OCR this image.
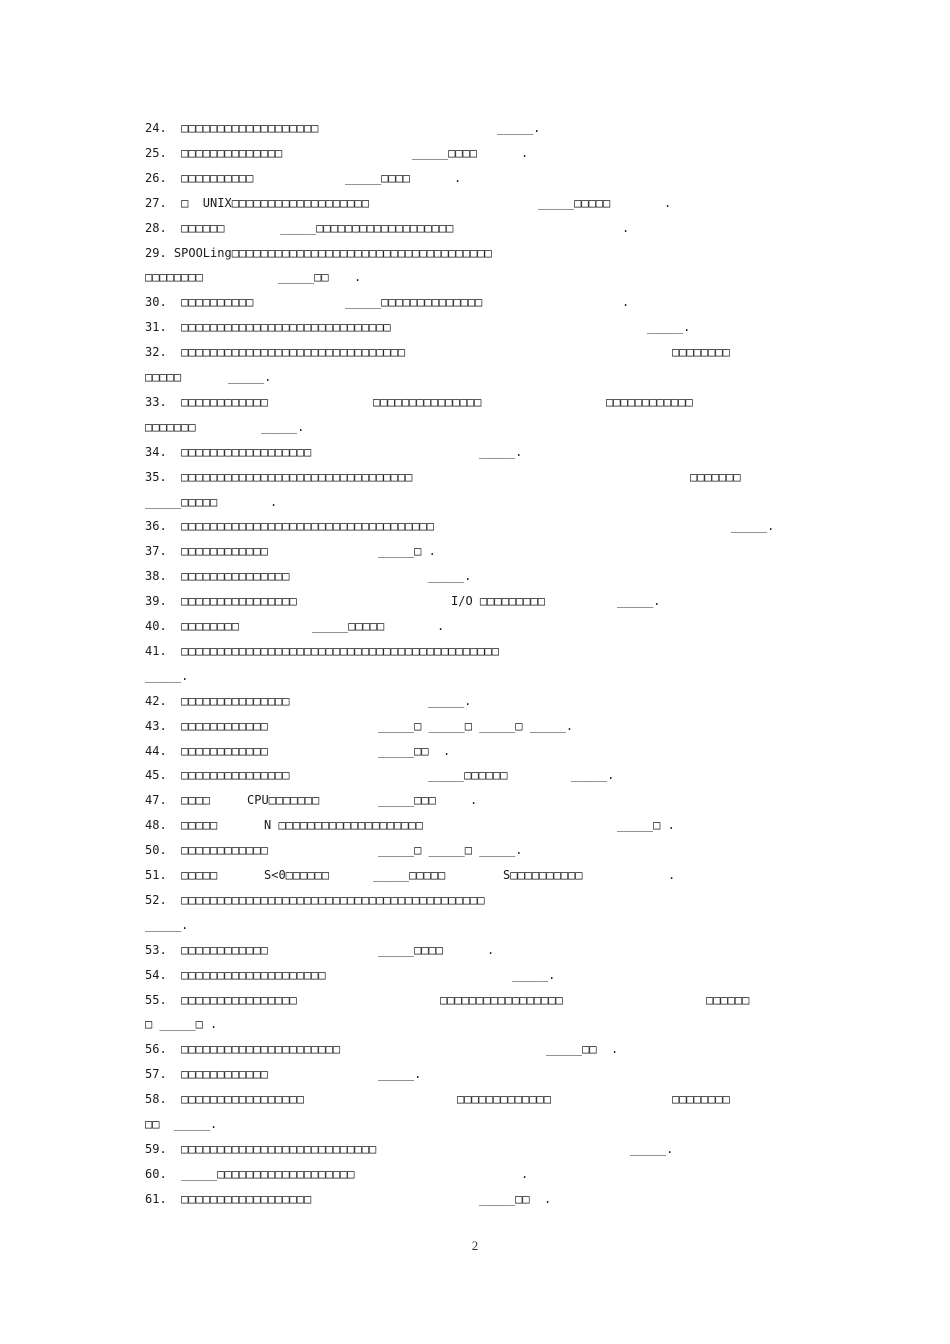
24.  □□□□□□□□□□□□□□□□□□□	_____.
25.  □□□□□□□□□□□□□□	_____□□□□	.
26.  □□□□□□□□□□	_____□□□□	.
27.  □  UNIX□□□□□□□□□□□□□□□□□□□	_____□□□□□	.
28.  □□□□□□	_____□□□□□□□□□□□□□□□□□□□	.
29. SPOOLing□□□□□□□□□□□□□□□□□□□□□□□□□□□□□□□□□□□□
□□□□□□□□	_____□□ .
30.  □□□□□□□□□□	_____□□□□□□□□□□□□□□	.
31.  □□□□□□□□□□□□□□□□□□□□□□□□□□□□□	_____.
32.  □□□□□□□□□□□□□□□□□□□□□□□□□□□□□□□	□□□□□□□□
□□□□□	_____.
33.  □□□□□□□□□□□□	□□□□□□□□□□□□□□□	□□□□□□□□□□□□
□□□□□□□	_____.
34.  □□□□□□□□□□□□□□□□□□	_____.
35.  □□□□□□□□□□□□□□□□□□□□□□□□□□□□□□□□	□□□□□□□
_____□□□□□	.
36.  □□□□□□□□□□□□□□□□□□□□□□□□□□□□□□□□□□□	_____.
37.  □□□□□□□□□□□□	_____□ .
38.  □□□□□□□□□□□□□□□	_____.
39.  □□□□□□□□□□□□□□□□	I/O □□□□□□□□□	_____.
40.  □□□□□□□□	_____□□□□□	.
41.  □□□□□□□□□□□□□□□□□□□□□□□□□□□□□□□□□□□□□□□□□□□□
_____.
42.  □□□□□□□□□□□□□□□	_____.
43.  □□□□□□□□□□□□	_____□ _____□ _____□ _____.
44.  □□□□□□□□□□□□	_____□□  .
45.  □□□□□□□□□□□□□□□	_____□□□□□□	_____.
47.  □□□□	CPU□□□□□□□	_____□□□	.
48.  □□□□□	N □□□□□□□□□□□□□□□□□□□□	_____□ .
50.  □□□□□□□□□□□□	_____□ _____□ _____.
51.  □□□□□	S<0□□□□□□	_____□□□□□	S□□□□□□□□□□	.
52.  □□□□□□□□□□□□□□□□□□□□□□□□□□□□□□□□□□□□□□□□□□
_____.
53.  □□□□□□□□□□□□	_____□□□□	.
54.  □□□□□□□□□□□□□□□□□□□□	_____.
55.  □□□□□□□□□□□□□□□□	□□□□□□□□□□□□□□□□□	□□□□□□
□ _____□ .
56.  □□□□□□□□□□□□□□□□□□□□□□	_____□□  .
57.  □□□□□□□□□□□□	_____.
58.  □□□□□□□□□□□□□□□□□	□□□□□□□□□□□□□	□□□□□□□□
□□  _____.
59.  □□□□□□□□□□□□□□□□□□□□□□□□□□□	_____.
60.  _____□□□□□□□□□□□□□□□□□□□	.
61.  □□□□□□□□□□□□□□□□□□	_____□□  .
2
